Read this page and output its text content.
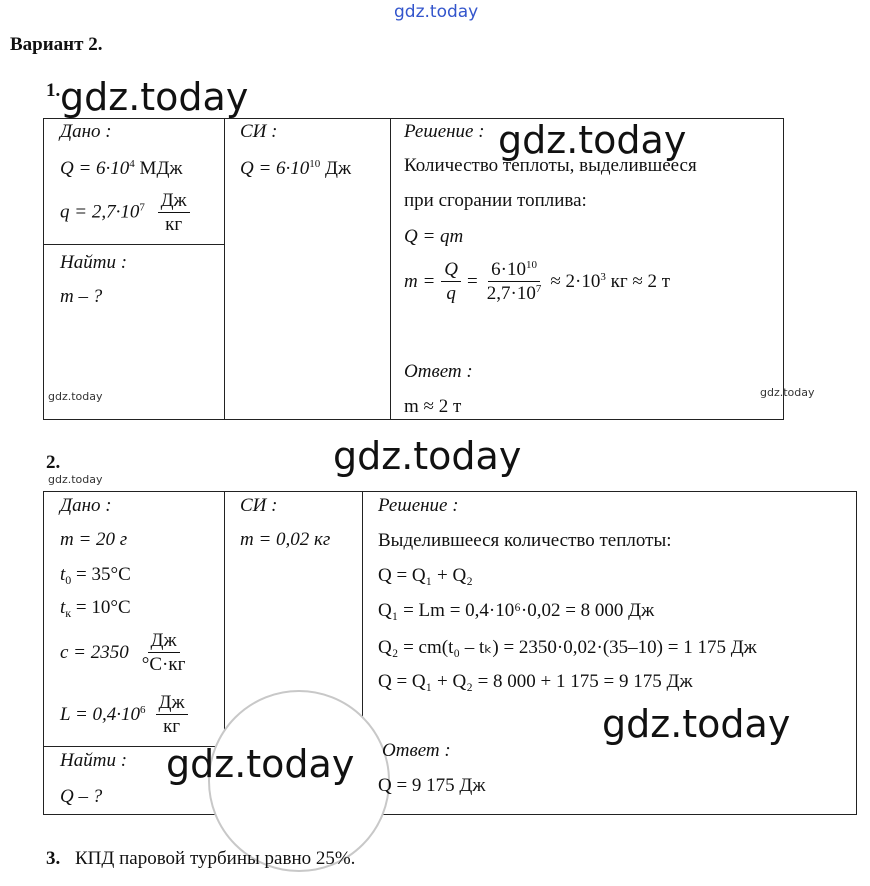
gdz.today
Вариант 2.
1. gdz.today
Дано :
$Q = 6\cdot 10^4$ МДж
$q = 2,7\cdot 10^7 \frac{Дж}{кг}$
Найти :
m – ?
gdz.today
СИ :
$Q = 6\cdot 10^{10}$ Дж
Решение : gdz.today
Количество теплоты, выделившееся
при сгорании топлива:
Q = qm
$m = \frac{Q}{q} = \frac{6\cdot 10^{10}}{2,7\cdot 10^7} \approx 2\cdot 10^3$ кг ≈ 2 т
Ответ :
m ≈ 2 т
gdz.today
gdz.today
2.
gdz.today
Дано :
m = 20 г
$t_0 = 35^\circ C$
$t_к = 10^\circ C$
$c = 2350 \frac{Дж}{^\circ C\cdot кг}$
$L = 0,4\cdot 10^6 \frac{Дж}{кг}$
Найти :
Q – ?
СИ :
m = 0,02 кг
Решение :
Выделившееся количество теплоты:
Q = Q₁ + Q₂
Q₁ = Lm = 0,4·10⁶·0,02 = 8 000 Дж
Q₂ = cm(t₀ – tₖ) = 2350·0,02·(35–10) = 1 175 Дж
Q = Q₁ + Q₂ = 8 000 + 1 175 = 9 175 Дж
gdz.today
Ответ :
Q = 9 175 Дж
gdz.today
3. КПД паровой турбины равно 25%.
